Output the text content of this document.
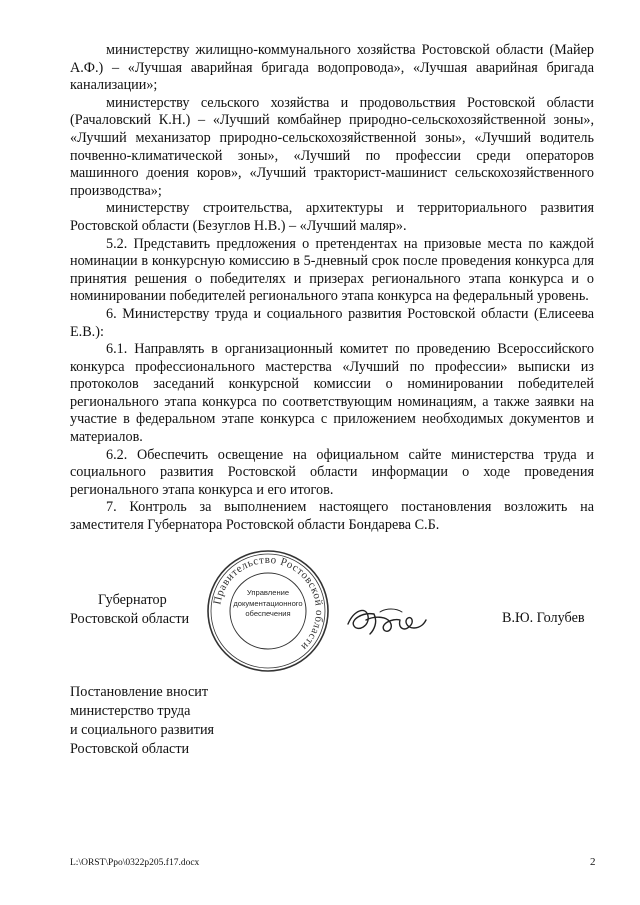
министерству жилищно-коммунального хозяйства Ростовской области (Майер А.Ф.) – «Лучшая аварийная бригада водопровода», «Лучшая аварийная бригада канализации»;

министерству сельского хозяйства и продовольствия Ростовской области (Рачаловский К.Н.) – «Лучший комбайнер природно-сельскохозяйственной зоны», «Лучший механизатор природно-сельскохозяйственной зоны», «Лучший водитель почвенно-климатической зоны», «Лучший по профессии среди операторов машинного доения коров», «Лучший тракторист-машинист сельскохозяйственного производства»;

министерству строительства, архитектуры и территориального развития Ростовской области (Безуглов Н.В.) – «Лучший маляр».

5.2. Представить предложения о претендентах на призовые места по каждой номинации в конкурсную комиссию в 5-дневный срок после проведения конкурса для принятия решения о победителях и призерах регионального этапа конкурса и о номинировании победителей регионального этапа конкурса на федеральный уровень.

6. Министерству труда и социального развития Ростовской области (Елисеева Е.В.):

6.1. Направлять в организационный комитет по проведению Всероссийского конкурса профессионального мастерства «Лучший по профессии» выписки из протоколов заседаний конкурсной комиссии о номинировании победителей регионального этапа конкурса по соответствующим номинациям, а также заявки на участие в федеральном этапе конкурса с приложением необходимых документов и материалов.

6.2. Обеспечить освещение на официальном сайте министерства труда и социального развития Ростовской области информации о ходе проведения регионального этапа конкурса и его итогов.

7. Контроль за выполнением настоящего постановления возложить на заместителя Губернатора Ростовской области Бондарева С.Б.

Губернатор
Ростовской области
Правительство Ростовской области
Управление
документационного
обеспечения	В.Ю. Голубев
Постановление вносит
министерство труда
и социального развития
Ростовской области
L:\ORST\Ppo\0322p205.f17.docx	2
